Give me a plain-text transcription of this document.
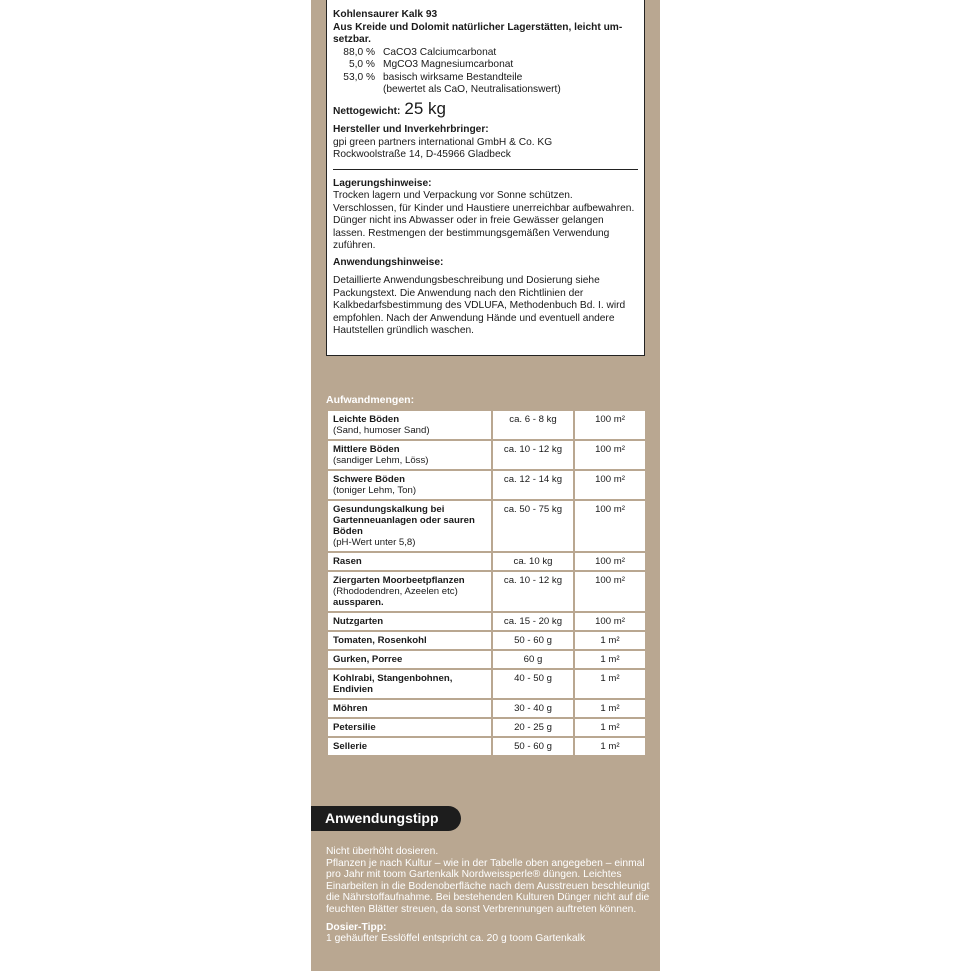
Kohlensaurer Kalk 93
Aus Kreide und Dolomit natürlicher Lagerstätten, leicht um-setzbar.
88,0 % CaCO3 Calciumcarbonat
5,0 % MgCO3 Magnesiumcarbonat
53,0 % basisch wirksame Bestandteile
(bewertet als CaO, Neutralisationswert)
Nettogewicht: 25 kg
Hersteller und Inverkehrbringer:
gpi green partners international GmbH & Co. KG
Rockwoolstraße 14, D-45966 Gladbeck
Lagerungshinweise:
Trocken lagern und Verpackung vor Sonne schützen. Verschlossen, für Kinder und Haustiere unerreichbar aufbewahren. Dünger nicht ins Abwasser oder in freie Gewässer gelangen lassen. Restmengen der bestimmungsgemäßen Verwendung zuführen.
Anwendungshinweise:
Detaillierte Anwendungsbeschreibung und Dosierung siehe Packungstext. Die Anwendung nach den Richtlinien der Kalkbedarfsbestimmung des VDLUFA, Methodenbuch Bd. I. wird empfohlen. Nach der Anwendung Hände und eventuell andere Hautstellen gründlich waschen.
Aufwandmengen:
Leichte Böden
(Sand, humoser Sand)	ca. 6 - 8 kg	100 m²
Mittlere Böden
(sandiger Lehm, Löss)	ca. 10 - 12 kg	100 m²
Schwere Böden
(toniger Lehm, Ton)	ca. 12 - 14 kg	100 m²
Gesundungskalkung bei Gartenneuanlagen oder sauren Böden
(pH-Wert unter 5,8)	ca. 50 - 75 kg	100 m²
Rasen	ca. 10 kg	100 m²
Ziergarten Moorbeetpflanzen
(Rhododendren, Azeelen etc)
aussparen.	ca. 10 - 12 kg	100 m²
Nutzgarten	ca. 15 - 20 kg	100 m²
Tomaten, Rosenkohl	50 - 60 g	1 m²
Gurken, Porree	60 g	1 m²
Kohlrabi, Stangenbohnen, Endivien	40 - 50 g	1 m²
Möhren	30 - 40 g	1 m²
Petersilie	20 - 25 g	1 m²
Sellerie	50 - 60 g	1 m²
Anwendungstipp
Nicht überhöht dosieren.
Pflanzen je nach Kultur – wie in der Tabelle oben angegeben – einmal pro Jahr mit toom Gartenkalk Nordweissperle® düngen. Leichtes Einarbeiten in die Bodenoberfläche nach dem Ausstreuen beschleunigt die Nährstoffaufnahme. Bei bestehenden Kulturen Dünger nicht auf die feuchten Blätter streuen, da sonst Verbrennungen auftreten können.
Dosier-Tipp:
1 gehäufter Esslöffel entspricht ca. 20 g toom Gartenkalk
